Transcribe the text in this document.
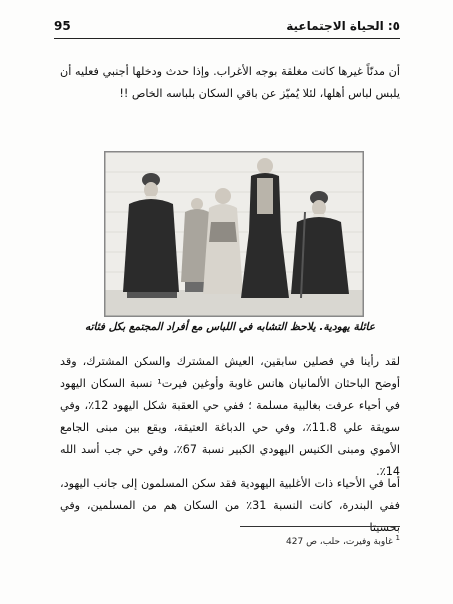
٥: الحياة الاجتماعية
95

أن مدنّاً غيرها كانت مغلقة بوجه الأغراب. وإذا حدث ودخلها أجنبي فعليه أن يلبس لباس أهلها، لئلا يُميّز عن باقي السكان بلباسه الخاص !!

عائلة يهودية. يلاحظ التشابه في اللباس مع أفراد المجتمع بكل فئاته

لقد رأينا في فصلين سابقين، العيش المشترك والسكن المشترك، وقد أوضح الباحثان الألمانيان هانس غاوبة وأوغين فيرت¹ نسبة السكان اليهود في أحياء عرفت بغالبية مسلمة ؛ ففي حي العقبة شكل اليهود 12٪، وفي سويقة علي 11.8٪، وفي حي الدباغة العتيقة، ويقع بين مبنى الجامع الأموي ومبنى الكنيس اليهودي الكبير نسبة 67٪، وفي حي جب أسد الله 14٪.

أما في الأحياء ذات الأغلبية اليهودية فقد سكن المسلمون إلى جانب اليهود، ففي البندرة، كانت النسبة 31٪ من السكان هم من المسلمين، وفي بحسيتا

$^1$ غاوبة وفيرت، حلب، ص 427
